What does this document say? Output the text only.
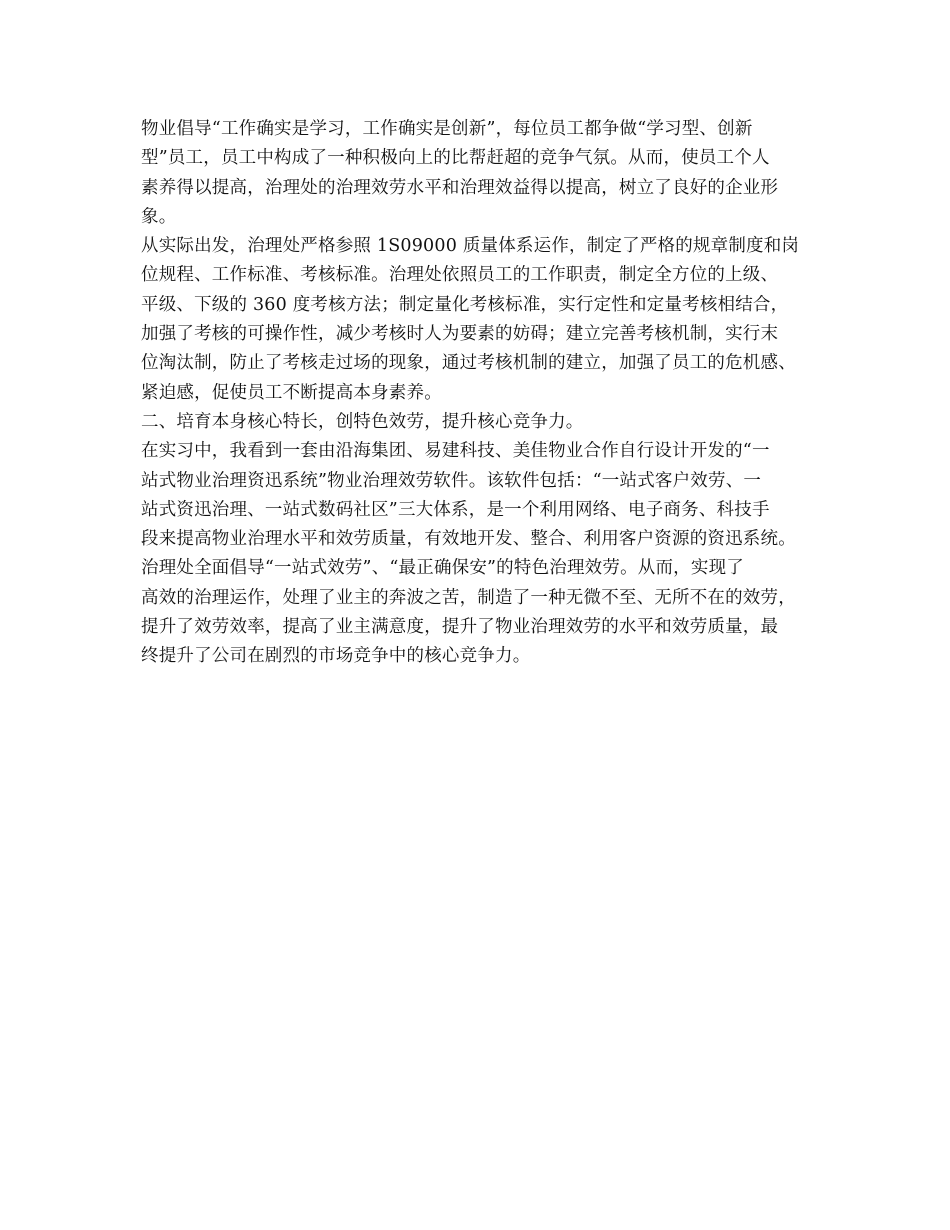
物业倡导“工作确实是学习，工作确实是创新”，每位员工都争做“学习型、创新
型”员工，员工中构成了一种积极向上的比帮赶超的竞争气氛。从而，使员工个人
素养得以提高，治理处的治理效劳水平和治理效益得以提高，树立了良好的企业形
象。
从实际出发，治理处严格参照 1S09000 质量体系运作，制定了严格的规章制度和岗
位规程、工作标准、考核标准。治理处依照员工的工作职责，制定全方位的上级、
平级、下级的 360 度考核方法；制定量化考核标准，实行定性和定量考核相结合，
加强了考核的可操作性，减少考核时人为要素的妨碍；建立完善考核机制，实行末
位淘汰制，防止了考核走过场的现象，通过考核机制的建立，加强了员工的危机感、
紧迫感，促使员工不断提高本身素养。
二、培育本身核心特长，创特色效劳，提升核心竞争力。
在实习中，我看到一套由沿海集团、易建科技、美佳物业合作自行设计开发的“一
站式物业治理资迅系统”物业治理效劳软件。该软件包括：“一站式客户效劳、一
站式资迅治理、一站式数码社区”三大体系，是一个利用网络、电子商务、科技手
段来提高物业治理水平和效劳质量，有效地开发、整合、利用客户资源的资迅系统。
治理处全面倡导“一站式效劳”、“最正确保安”的特色治理效劳。从而，实现了
高效的治理运作，处理了业主的奔波之苦，制造了一种无微不至、无所不在的效劳，
提升了效劳效率，提高了业主满意度，提升了物业治理效劳的水平和效劳质量，最
终提升了公司在剧烈的市场竞争中的核心竞争力。
